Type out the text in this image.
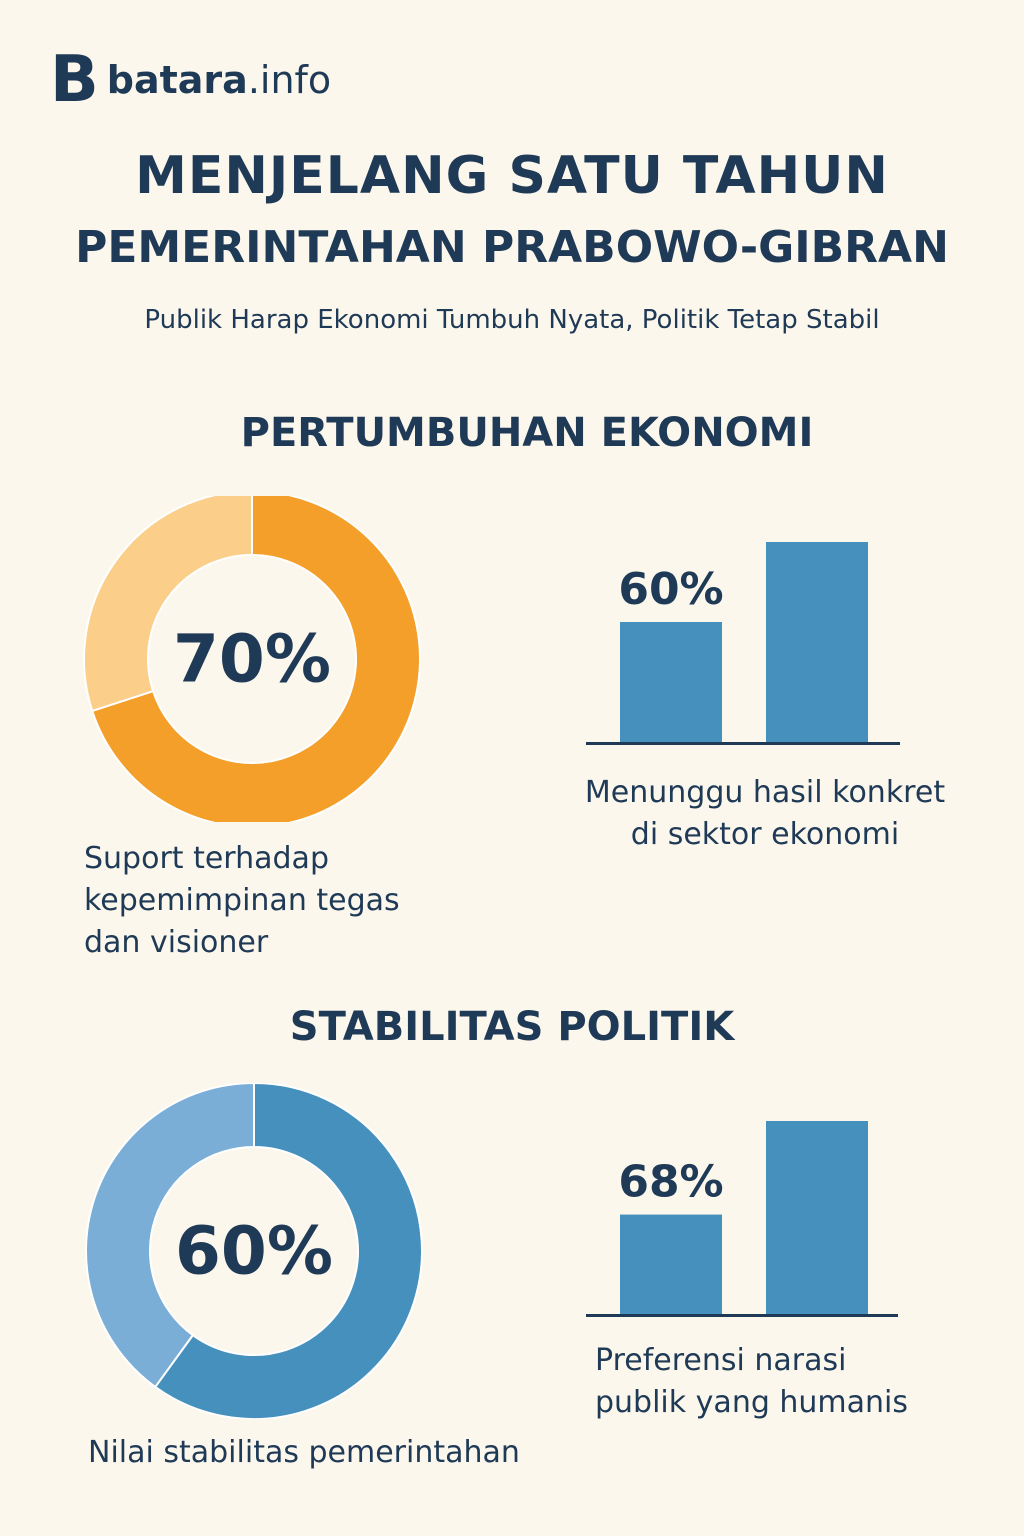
B batara.info
MENJELANG SATU TAHUN
PEMERINTAHAN PRABOWO-GIBRAN
Publik Harap Ekonomi Tumbuh Nyata, Politik Tetap Stabil
PERTUMBUHAN EKONOMI
70%
Suport terhadap
kepemimpinan tegas
dan visioner
60%
Menunggu hasil konkret
di sektor ekonomi
STABILITAS POLITIK
60%
Nilai stabilitas pemerintahan
68%
Preferensi narasi
publik yang humanis
